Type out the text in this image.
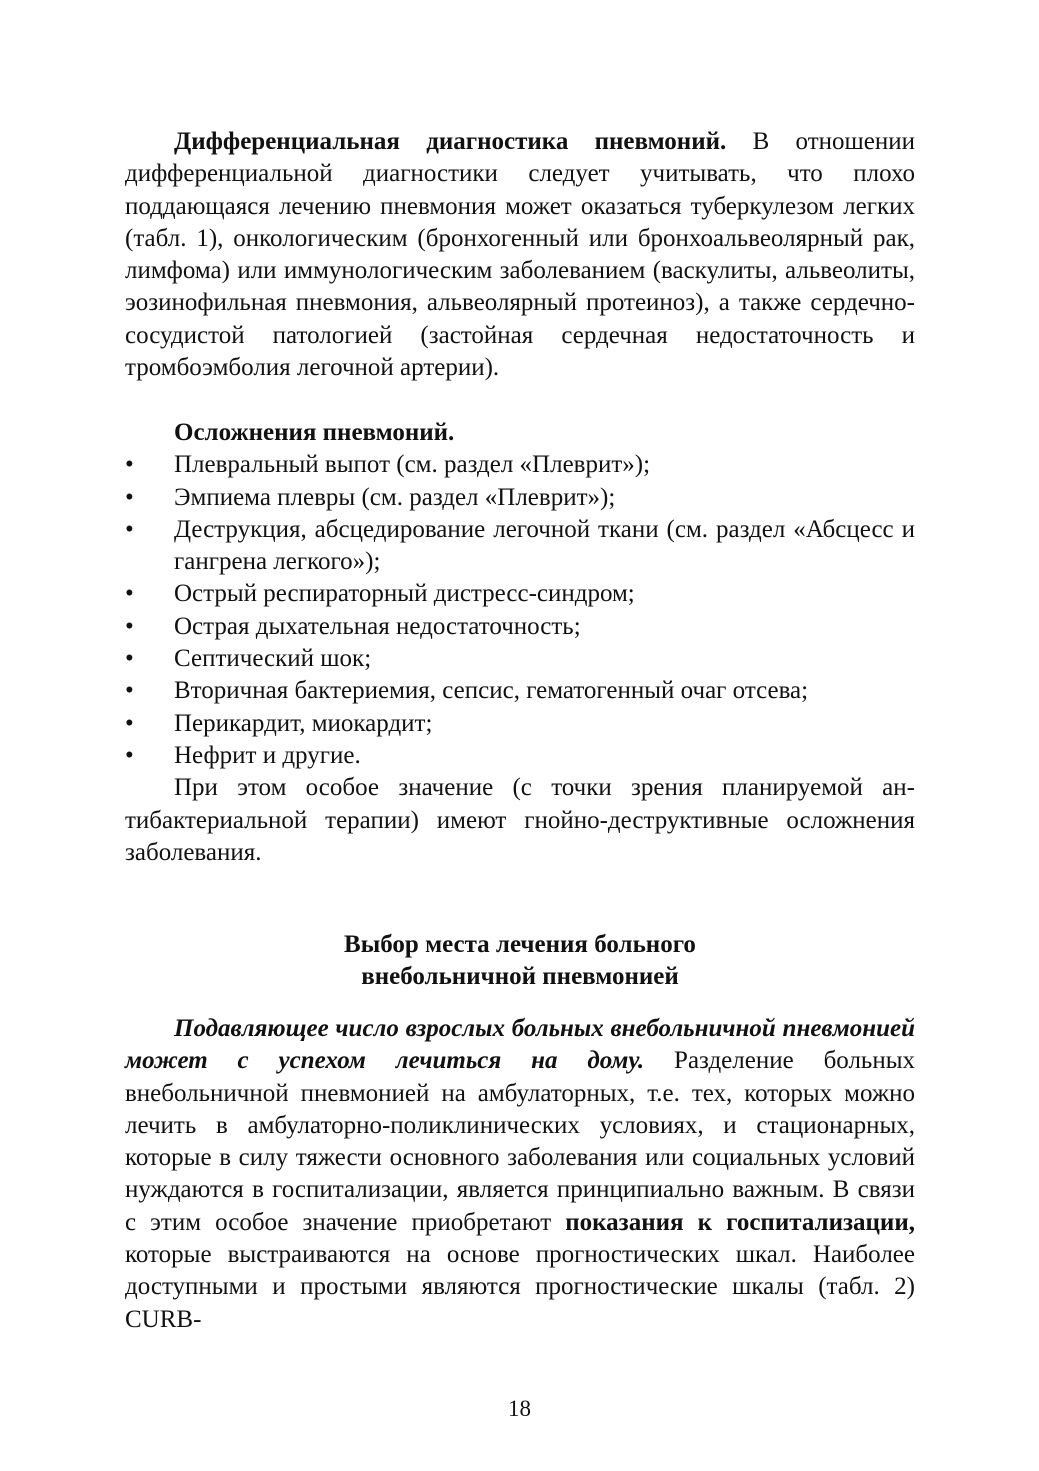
Дифференциальная диагностика пневмоний. В отношении дифференциальной диагностики следует учитывать, что плохо поддающаяся лечению пневмония может оказаться туберкулезом легких (табл. 1), онкологическим (бронхогенный или бронхоальвеолярный рак, лимфома) или иммунологическим заболеванием (васкулиты, альвеолиты, эозинофильная пневмония, альвеолярный протеиноз), а также сердечно-сосудистой патологией (застойная сердечная недостаточность и тромбоэмболия легочной артерии).

Осложнения пневмоний.

• Плевральный выпот (см. раздел «Плеврит»);
• Эмпиема плевры (см. раздел «Плеврит»);
• Деструкция, абсцедирование легочной ткани (см. раздел «Абсцесс и гангрена легкого»);
• Острый респираторный дистресс-синдром;
• Острая дыхательная недостаточность;
• Септический шок;
• Вторичная бактериемия, сепсис, гематогенный очаг отсева;
• Перикардит, миокардит;
• Нефрит и другие.

При этом особое значение (с точки зрения планируемой антибактериальной терапии) имеют гнойно-деструктивные осложнения заболевания.

Выбор места лечения больного
внебольничной пневмонией

Подавляющее число взрослых больных внебольничной пневмонией может с успехом лечиться на дому. Разделение больных внебольничной пневмонией на амбулаторных, т.е. тех, которых можно лечить в амбулаторно-поликлинических условиях, и стационарных, которые в силу тяжести основного заболевания или социальных условий нуждаются в госпитализации, является принципиально важным. В связи с этим особое значение приобретают показания к госпитализации, которые выстраиваются на основе прогностических шкал. Наиболее доступными и простыми являются прогностические шкалы (табл. 2) CURB-

18
